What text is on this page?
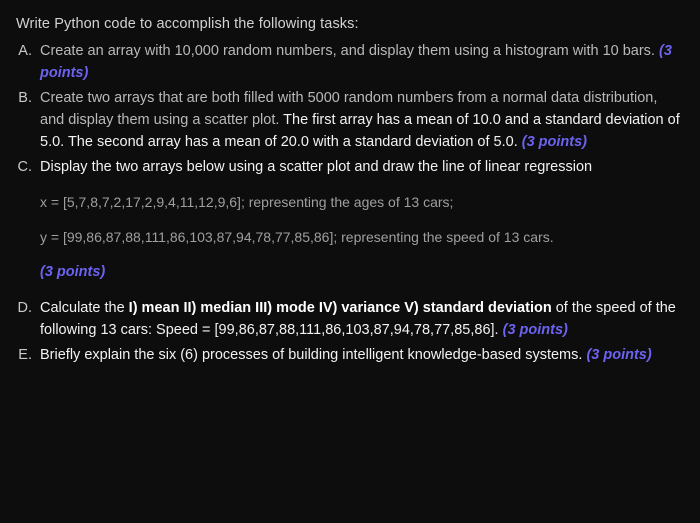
Write Python code to accomplish the following tasks:
A. Create an array with 10,000 random numbers, and display them using a histogram with 10 bars. (3 points)
B. Create two arrays that are both filled with 5000 random numbers from a normal data distribution, and display them using a scatter plot. The first array has a mean of 10.0 and a standard deviation of 5.0. The second array has a mean of 20.0 with a standard deviation of 5.0. (3 points)
C. Display the two arrays below using a scatter plot and draw the line of linear regression
x = [5,7,8,7,2,17,2,9,4,11,12,9,6]; representing the ages of 13 cars;
y = [99,86,87,88,111,86,103,87,94,78,77,85,86]; representing the speed of 13 cars.
(3 points)
D. Calculate the I) mean II) median III) mode IV) variance V) standard deviation of the speed of the following 13 cars: Speed = [99,86,87,88,111,86,103,87,94,78,77,85,86]. (3 points)
E. Briefly explain the six (6) processes of building intelligent knowledge-based systems. (3 points)
